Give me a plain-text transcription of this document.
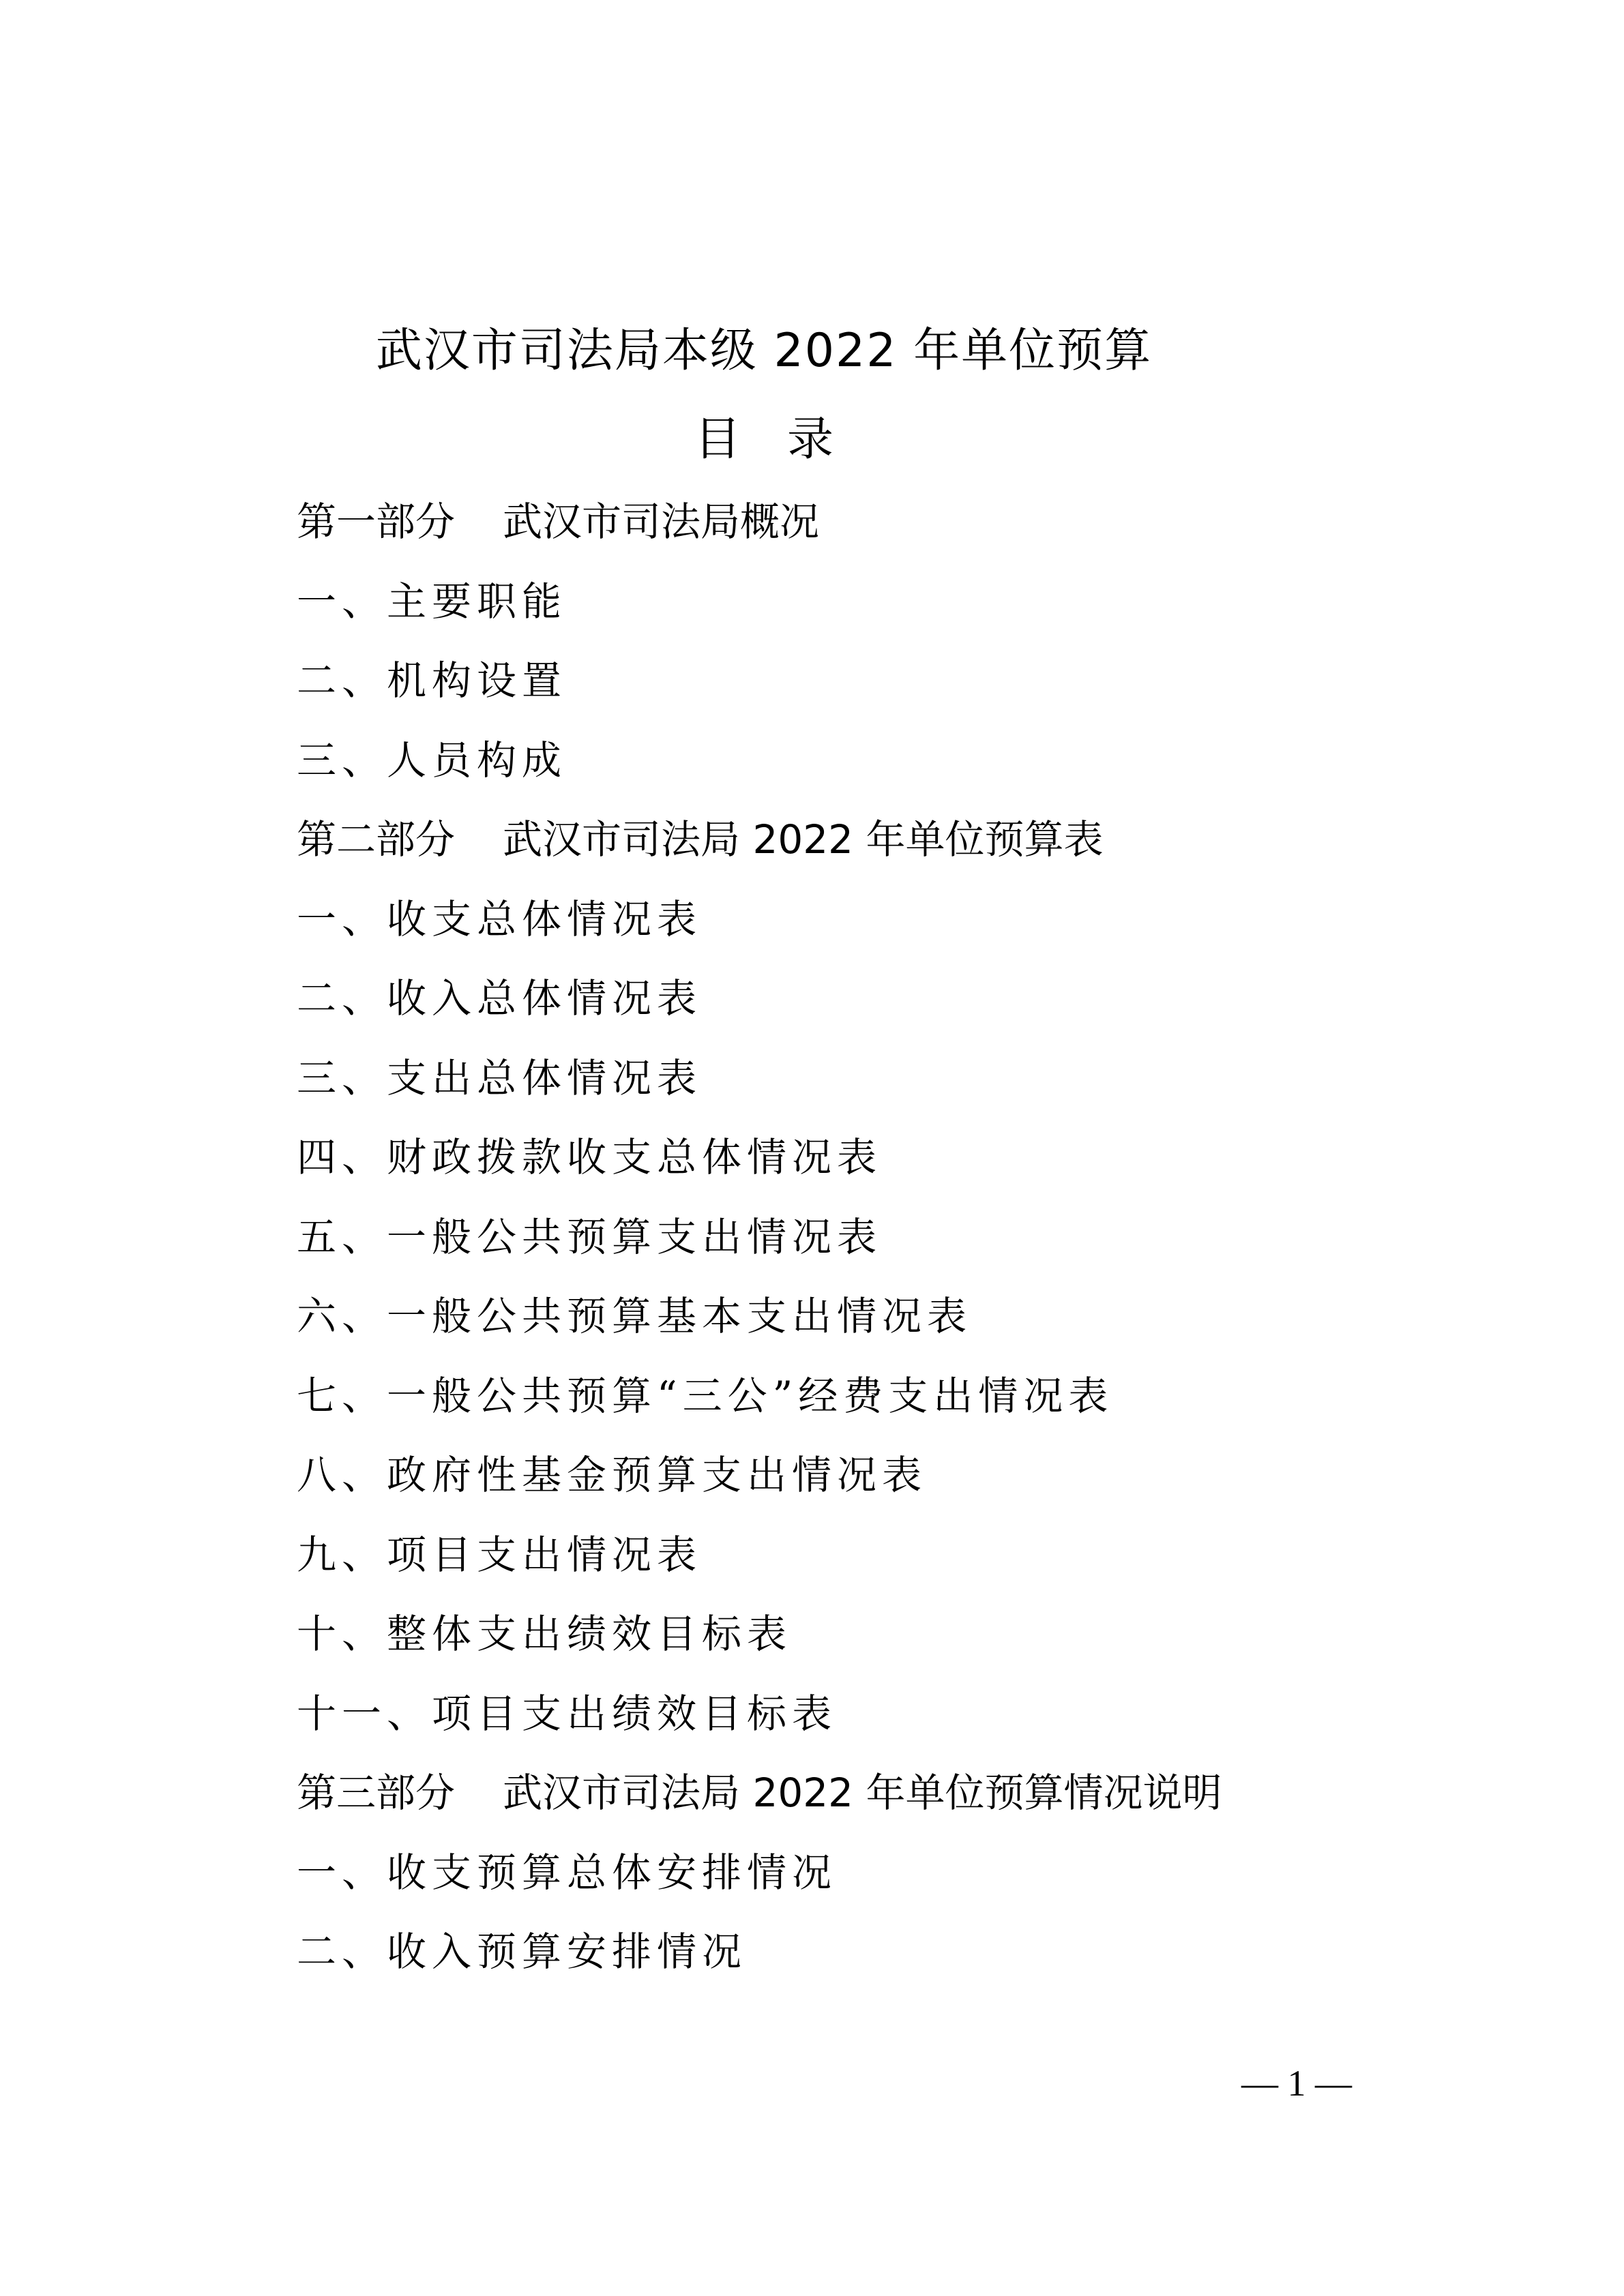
武汉市司法局本级 2022 年单位预算
目　录
第一部分 武汉市司法局概况
一、主要职能
二、机构设置
三、人员构成
第二部分 武汉市司法局 2022 年单位预算表
一、收支总体情况表
二、收入总体情况表
三、支出总体情况表
四、财政拨款收支总体情况表
五、一般公共预算支出情况表
六、一般公共预算基本支出情况表
七、一般公共预算“三公”经费支出情况表
八、政府性基金预算支出情况表
九、项目支出情况表
十、整体支出绩效目标表
十一、项目支出绩效目标表
第三部分 武汉市司法局 2022 年单位预算情况说明
一、收支预算总体安排情况
二、收入预算安排情况
— 1 —
